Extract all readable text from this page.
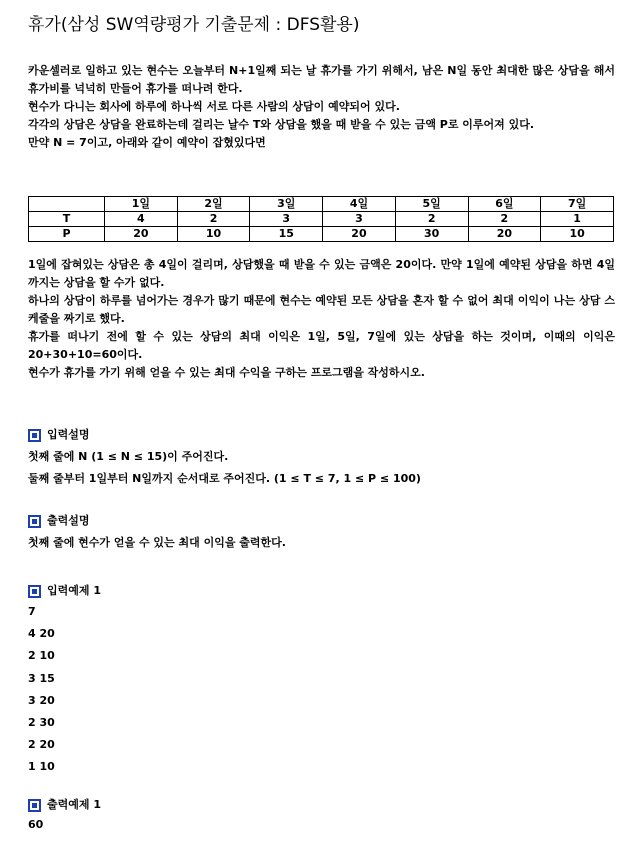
휴가(삼성 SW역량평가 기출문제 : DFS활용)

카운셀러로 일하고 있는 현수는 오늘부터 N+1일째 되는 날 휴가를 가기 위해서, 남은 N일 동안 최대한 많은 상담을 해서 휴가비를 넉넉히 만들어 휴가를 떠나려 한다.

현수가 다니는 회사에 하루에 하나씩 서로 다른 사람의 상담이 예약되어 있다.

각각의 상담은 상담을 완료하는데 걸리는 날수 T와 상담을 했을 때 받을 수 있는 금액 P로 이루어져 있다.

만약 N = 7이고, 아래와 같이 예약이 잡혔있다면

	1일	2일	3일	4일	5일	6일	7일
T	4	2	3	3	2	2	1
P	20	10	15	20	30	20	10

1일에 잡혀있는 상담은 총 4일이 걸리며, 상담했을 때 받을 수 있는 금액은 20이다. 만약 1일에 예약된 상담을 하면 4일까지는 상담을 할 수가 없다.

하나의 상담이 하루를 넘어가는 경우가 많기 때문에 현수는 예약된 모든 상담을 혼자 할 수 없어 최대 이익이 나는 상담 스케줄을 짜기로 했다.

휴가를 떠나기 전에 할 수 있는 상담의 최대 이익은 1일, 5일, 7일에 있는 상담을 하는 것이며, 이때의 이익은 20+30+10=60이다.

현수가 휴가를 가기 위해 얻을 수 있는 최대 수익을 구하는 프로그램을 작성하시오.

입력설명
첫째 줄에 N (1 ≤ N ≤ 15)이 주어진다.
둘째 줄부터 1일부터 N일까지 순서대로 주어진다. (1 ≤ T ≤ 7, 1 ≤ P ≤ 100)
출력설명
첫째 줄에 현수가 얻을 수 있는 최대 이익을 출력한다.
입력예제 1
7
4 20
2 10
3 15
3 20
2 30
2 20
1 10
출력예제 1
60
